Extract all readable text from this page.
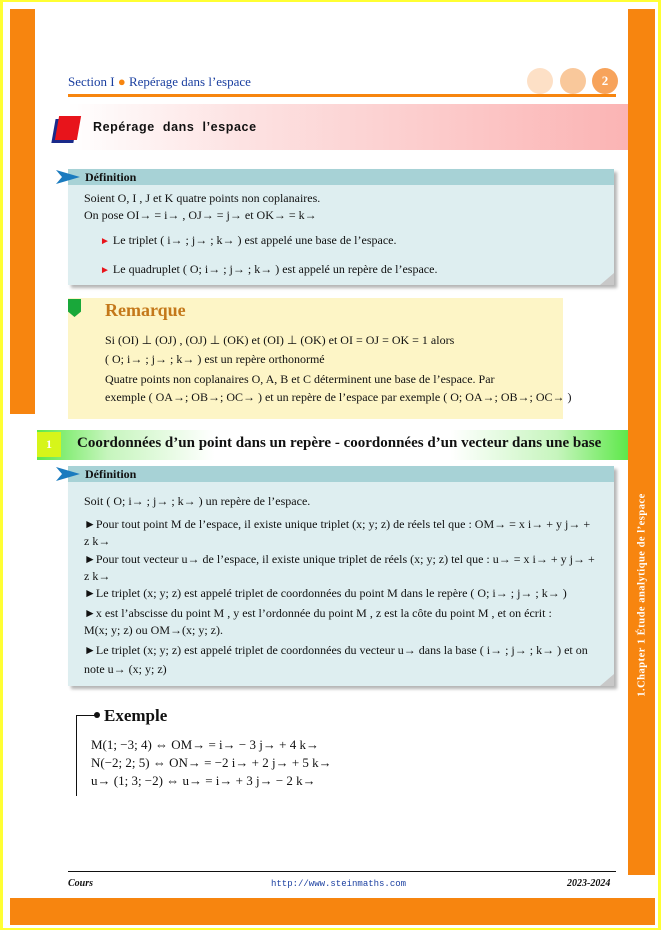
1.Chapter 1 Étude analytique de l’espace
Section I ● Repérage dans l’espace	2
Repérage dans l’espace
Définition
Soient O, I , J et K quatre points non coplanaires.
On pose OI→ = i→ , OJ→ = j→ et OK→ = k→
► Le triplet ( i→ ; j→ ; k→ ) est appelé une base de l’espace.
► Le quadruplet ( O; i→ ; j→ ; k→ ) est appelé un repère de l’espace.
Remarque
Si (OI) ⊥ (OJ) , (OJ) ⊥ (OK) et (OI) ⊥ (OK) et OI = OJ = OK = 1 alors
( O; i→ ; j→ ; k→ ) est un repère orthonormé
Quatre points non coplanaires O, A, B et C déterminent une base de l’espace. Par
exemple ( OA→; OB→; OC→ ) et un repère de l’espace par exemple ( O; OA→; OB→; OC→ )
1	Coordonnées d’un point dans un repère - coordonnées d’un vecteur dans une base
Définition
Soit ( O; i→ ; j→ ; k→ ) un repère de l’espace.
►Pour tout point M de l’espace, il existe unique triplet (x; y; z) de réels tel que : OM→ = x i→ + y j→ +
z k→
►Pour tout vecteur u→ de l’espace, il existe unique triplet de réels (x; y; z) tel que : u→ = x i→ + y j→ +
z k→
►Le triplet (x; y; z) est appelé triplet de coordonnées du point M dans le repère ( O; i→ ; j→ ; k→ )
►x est l’abscisse du point M , y est l’ordonnée du point M , z est la côte du point M , et on écrit :
M(x; y; z) ou OM→(x; y; z).
►Le triplet (x; y; z) est appelé triplet de coordonnées du vecteur u→ dans la base ( i→ ; j→ ; k→ ) et on
note u→ (x; y; z)
Exemple
M(1; −3; 4) ⇔ OM→ = i→ − 3 j→ + 4 k→
N(−2; 2; 5) ⇔ ON→ = −2 i→ + 2 j→ + 5 k→
u→ (1; 3; −2) ⇔ u→ = i→ + 3 j→ − 2 k→
Cours	http://www.steinmaths.com	2023-2024
